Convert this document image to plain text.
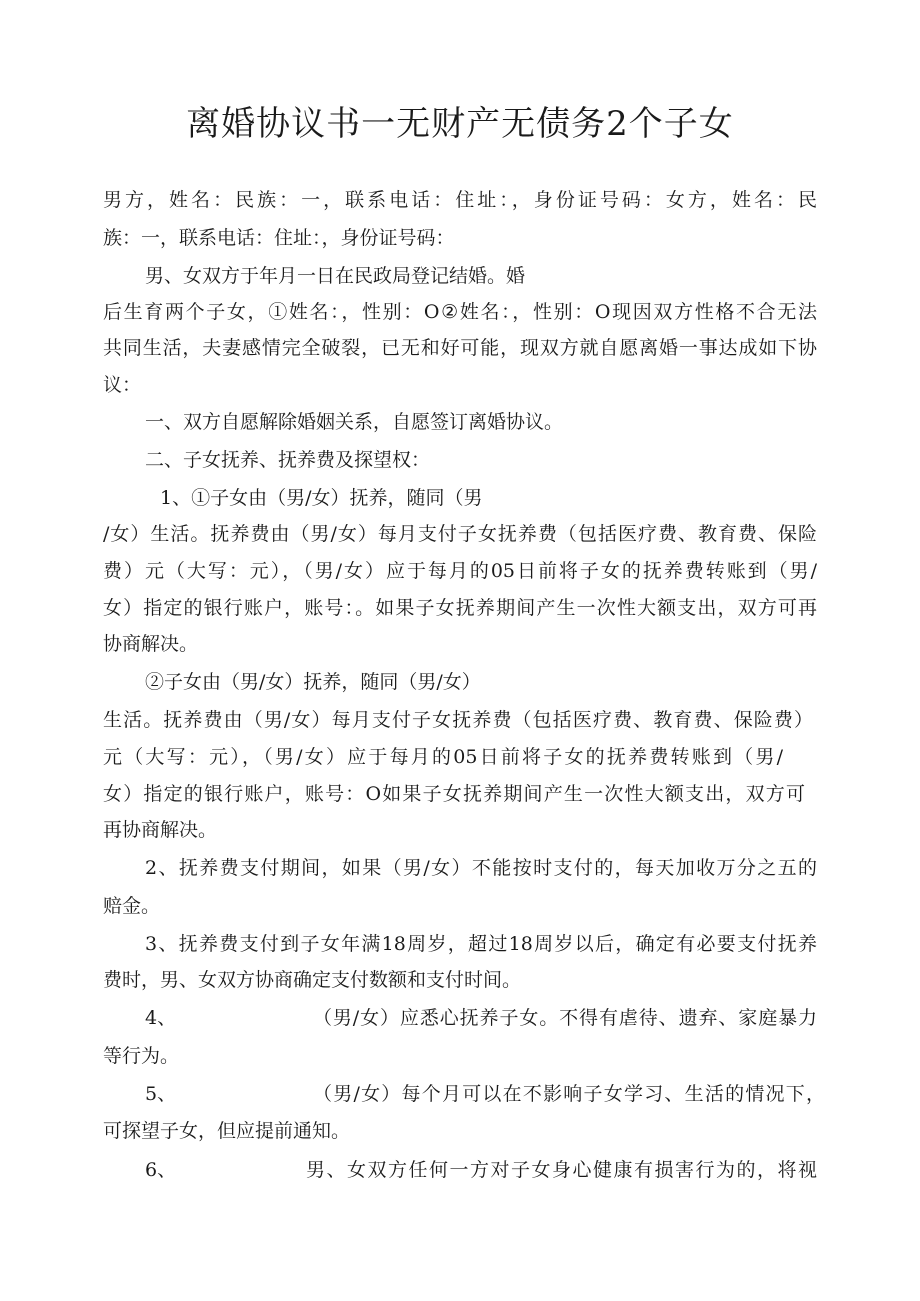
离婚协议书一无财产无债务2个子女

男方，姓名：民族：一，联系电话：住址：，身份证号码：女方，姓名：民

族：一，联系电话：住址：，身份证号码：

男、女双方于年月一日在民政局登记结婚。婚

后生育两个子女，①姓名：，性别：O②姓名：，性别：O现因双方性格不合无法

共同生活，夫妻感情完全破裂，已无和好可能，现双方就自愿离婚一事达成如下协

议：

一、双方自愿解除婚姻关系，自愿签订离婚协议。

二、子女抚养、抚养费及探望权：

1、①子女由（男/女）抚养，随同（男

/女）生活。抚养费由（男/女）每月支付子女抚养费（包括医疗费、教育费、保险

费）元（大写：元），（男/女）应于每月的05日前将子女的抚养费转账到（男/

女）指定的银行账户，账号：。如果子女抚养期间产生一次性大额支出，双方可再

协商解决。

②子女由（男/女）抚养，随同（男/女）

生活。抚养费由（男/女）每月支付子女抚养费（包括医疗费、教育费、保险费）

元（大写：元），（男/女）应于每月的05日前将子女的抚养费转账到（男/

女）指定的银行账户，账号：O如果子女抚养期间产生一次性大额支出，双方可

再协商解决。

2、抚养费支付期间，如果（男/女）不能按时支付的，每天加收万分之五的

赔金。

3、抚养费支付到子女年满18周岁，超过18周岁以后，确定有必要支付抚养

费时，男、女双方协商确定支付数额和支付时间。

4、	（男/女）应悉心抚养子女。不得有虐待、遗弃、家庭暴力

等行为。

5、	（男/女）每个月可以在不影响子女学习、生活的情况下，

可探望子女，但应提前通知。

6、	男、女双方任何一方对子女身心健康有损害行为的，将视
